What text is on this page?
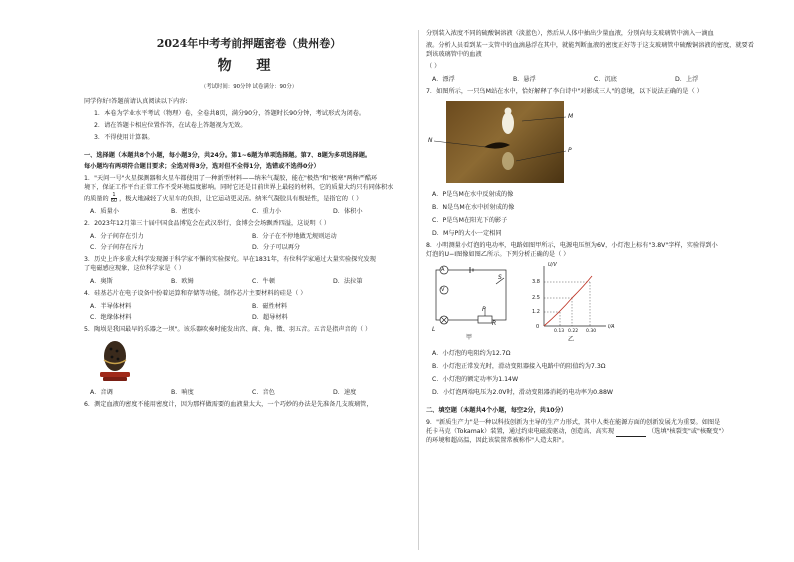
2024年中考考前押题密卷（贵州卷）

物 理

（考试时间：90分钟 试卷满分：90分）

同学你好!答题前请认真阅读以下内容:

1．本卷为学业水平考试（物理）卷，全卷共8页，满分90分，答题时长90分钟，考试形式为闭卷。

2．请在答题卡相应位置作答，在试卷上答题视为无效。

3．不得使用计算器。

一、选择题（本题共8个小题，每小题3分，共24分。第1~6题为单项选择题。第7、8题为多项选择题。

每小题均有两项符合题目要求；全选对得3分，选对但不全得1分，选错或不选得0分）

1．"天问一号"火星探测器和火星车都使用了一种新型材料——纳米气凝胶，能在"极热"和"极寒"两种严酷环

境下，保证工作平台正常工作不受环境温度影响。同时它还是目前世界上最轻的材料，它的质量大约只有同体积水

的质量的 $\frac{1}{60}$ ，极大地减轻了火星车的负担，让它运动更灵活。纳米气凝胶具有极轻性，是指它的（ ）

A．质量小	B．密度小	C．重力小	D．体积小

2．2023年12月第三十届中国食品博览会在武汉举行，食博会会场飘香四溢，这说明（ ）

A．分子间存在引力	B．分子在不停地做无规则运动
C．分子间存在斥力	D．分子可以再分

3．历史上许多重大科学发现源于科学家不懈的实验探究。早在1831年，有位科学家通过大量实验探究发现

了电磁感应现象，这位科学家是（ ）

A．奥斯	B．欧姆	C．牛顿	D．法拉第

4．硅基芯片在电子设备中扮着运算和存储等功能，制作芯片主要材料的硅是（ ）

A．半导体材料	B．磁性材料
C．绝缘体材料	D．超导材料

5．陶埙是我国最早的乐器之一坝"。该乐器吹奏时能发出宫、商、角、徵、羽五音。五音是指声音的（ ）

A．音调	B．响度	C．音色	D．速度

6．测定血液的密度不能用密度计，因为那样做需要的血液量太大，一个巧妙的办法是先准备几支玻璃管，

分别装入浓度不同的硫酸铜溶液（淡蓝色），然后从人体中抽出少量血液，分别向每支玻璃管中滴入一滴血

液。分析人员看到某一支管中的血滴悬浮在其中，就能判断血液的密度正好等于这支玻璃管中硫酸铜溶液的密度，就要看到该玻璃管中的血液

（ ）

A．漂浮	B．悬浮	C．沉底	D．上浮

7．如图所示，一只鸟M站在水中，恰好解释了李白诗中"对影成三人"的意境，以下说法正确的是（ ）

M
N
P

A．P是鸟M在水中反射成的像

B．N是鸟M在水中折射成的像

C．P是鸟M在阳光下的影子

D．M与P的大小一定相同

8．小明测量小灯泡的电功率，电路如图甲所示，电源电压恒为6V，小灯泡上标有"3.8V"字样，实验得到小

灯泡的U−I图像如图乙所示。下列分析正确的是（ ）

A
V
S
L
P
R
甲
U/V
I/A
0
3.8
2.5
1.2
0.13 0.22 0.30
乙

A．小灯泡的电阻约为12.7Ω

B．小灯泡正常发光时，滑动变阻器接入电路中的阻值约为7.3Ω

C．小灯泡的额定功率为1.14W

D．小灯泡两端电压为2.0V时，滑动变阻器消耗的电功率为0.88W

二、填空题（本题共4个小题，每空2分，共10分）

9．"新质生产力"是一种以科技创新为主导的生产力形式，其中人类在能源方面的创新发展尤为重要。如图是

托卡马克（Tokamak）装置，通过约束电磁波驱动，创造高、高实现	（选填"核裂变"或"核聚变"）

的环境和超高温，因此该装置常被称作"人造太阳"。
